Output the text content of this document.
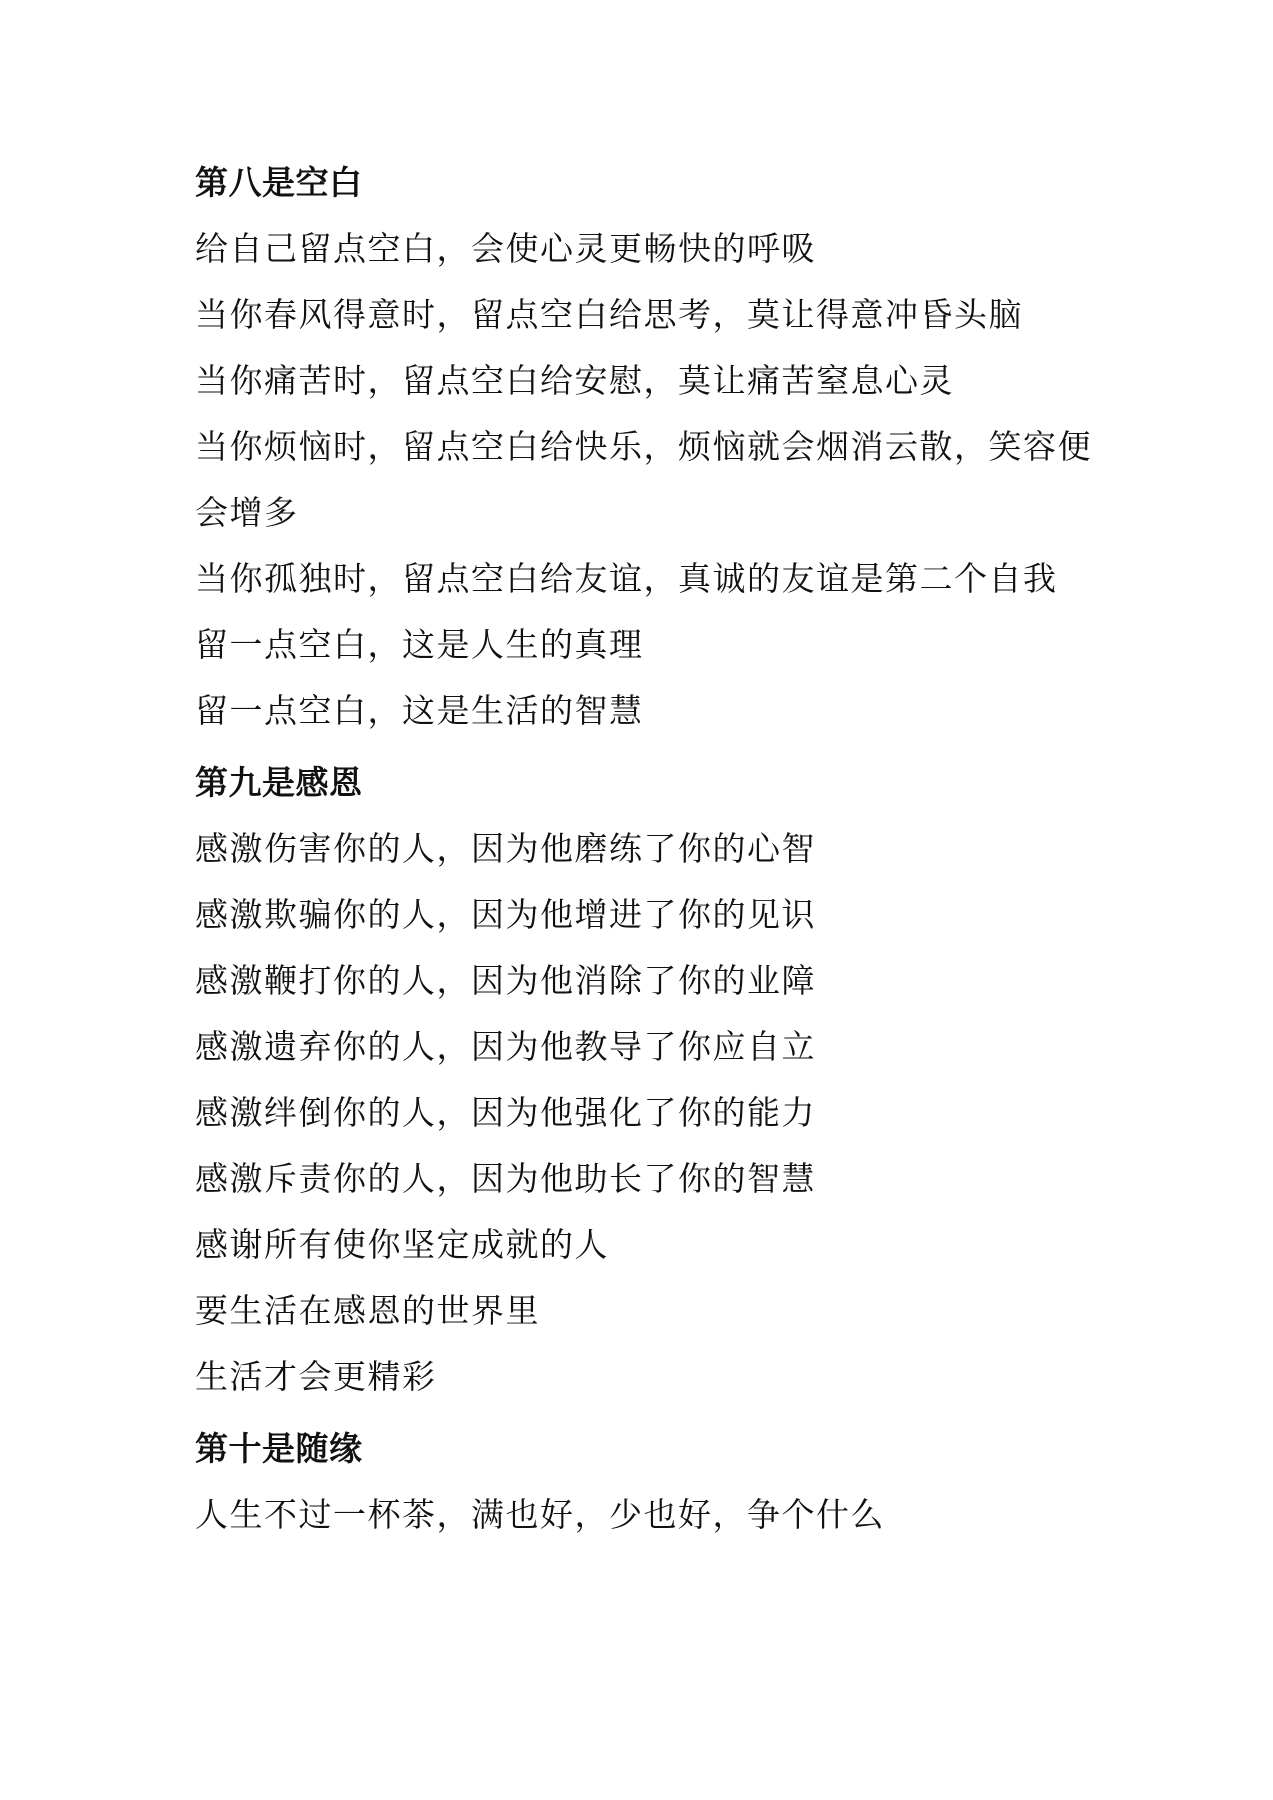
第八是空白
给自己留点空白，会使心灵更畅快的呼吸
当你春风得意时，留点空白给思考，莫让得意冲昏头脑
当你痛苦时，留点空白给安慰，莫让痛苦窒息心灵
当你烦恼时，留点空白给快乐，烦恼就会烟消云散，笑容便
会增多
当你孤独时，留点空白给友谊，真诚的友谊是第二个自我
留一点空白，这是人生的真理
留一点空白，这是生活的智慧
第九是感恩
感激伤害你的人，因为他磨练了你的心智
感激欺骗你的人，因为他增进了你的见识
感激鞭打你的人，因为他消除了你的业障
感激遗弃你的人，因为他教导了你应自立
感激绊倒你的人，因为他强化了你的能力
感激斥责你的人，因为他助长了你的智慧
感谢所有使你坚定成就的人
要生活在感恩的世界里
生活才会更精彩
第十是随缘
人生不过一杯茶，满也好，少也好，争个什么
